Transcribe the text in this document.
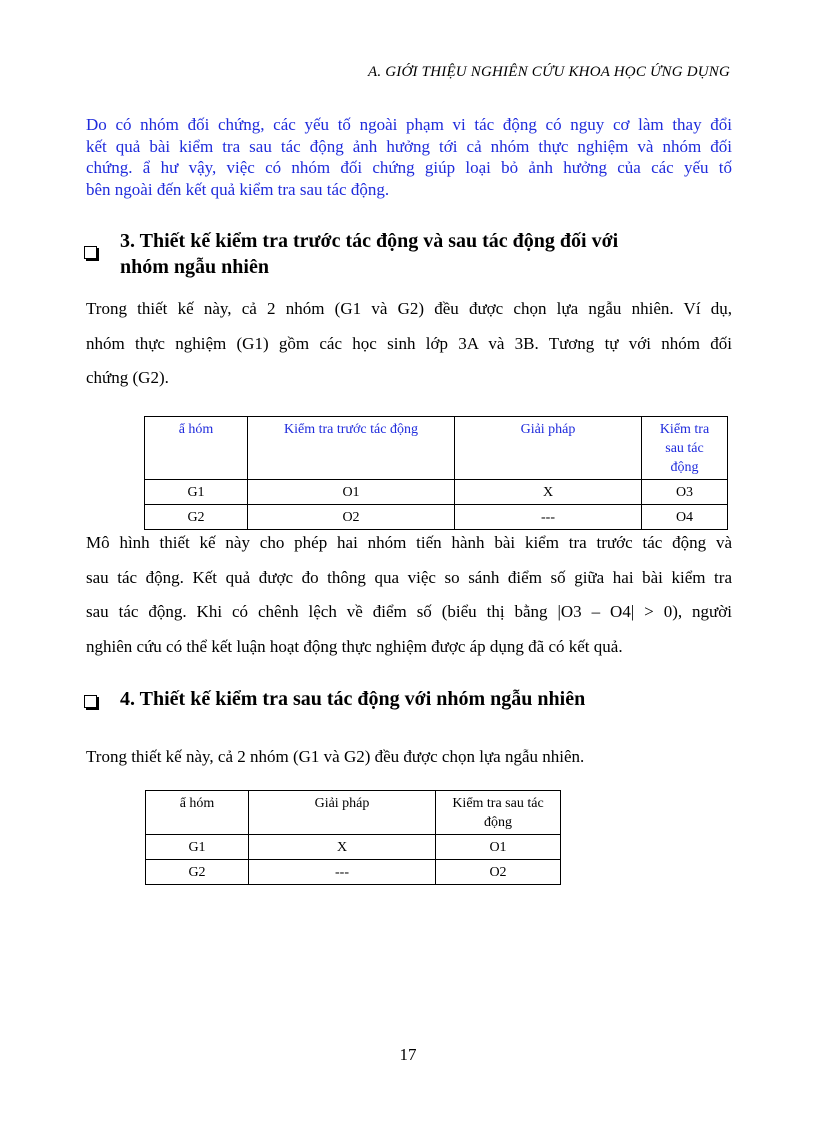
A. GIỚI THIỆU NGHIÊN CỨU KHOA HỌC ỨNG DỤNG
Do có nhóm đối chứng, các yếu tố ngoài phạm vi tác động có nguy cơ làm thay đổi
kết quả bài kiểm tra sau tác động ảnh hưởng tới cả nhóm thực nghiệm và nhóm đối
chứng. ẩ hư vậy, việc có nhóm đối chứng giúp loại bỏ ảnh hưởng của các yếu tố
bên ngoài đến kết quả kiểm tra sau tác động.
3. Thiết kế kiểm tra trước tác động và sau tác động đối với
nhóm ngẫu nhiên
Trong thiết kế này, cả 2 nhóm (G1 và G2) đều được chọn lựa ngẫu nhiên. Ví dụ,
nhóm thực nghiệm (G1) gồm các học sinh lớp 3A và 3B. Tương tự với nhóm đối
chứng (G2).
ẩ hóm	Kiểm tra trước tác động	Giải pháp	Kiểm tra sau tác động
G1	O1	X	O3
G2	O2	---	O4
Mô hình thiết kế này cho phép hai nhóm tiến hành bài kiểm tra trước tác động và
sau tác động. Kết quả được đo thông qua việc so sánh điểm số giữa hai bài kiểm tra
sau tác động. Khi có chênh lệch về điểm số (biểu thị bằng |O3 – O4| > 0), người
nghiên cứu có thể kết luận hoạt động thực nghiệm được áp dụng đã có kết quả.
4. Thiết kế kiểm tra sau tác động với nhóm ngẫu nhiên
Trong thiết kế này, cả 2 nhóm (G1 và G2) đều được chọn lựa ngẫu nhiên.
ẩ hóm	Giải pháp	Kiểm tra sau tác động
G1	X	O1
G2	---	O2
17
